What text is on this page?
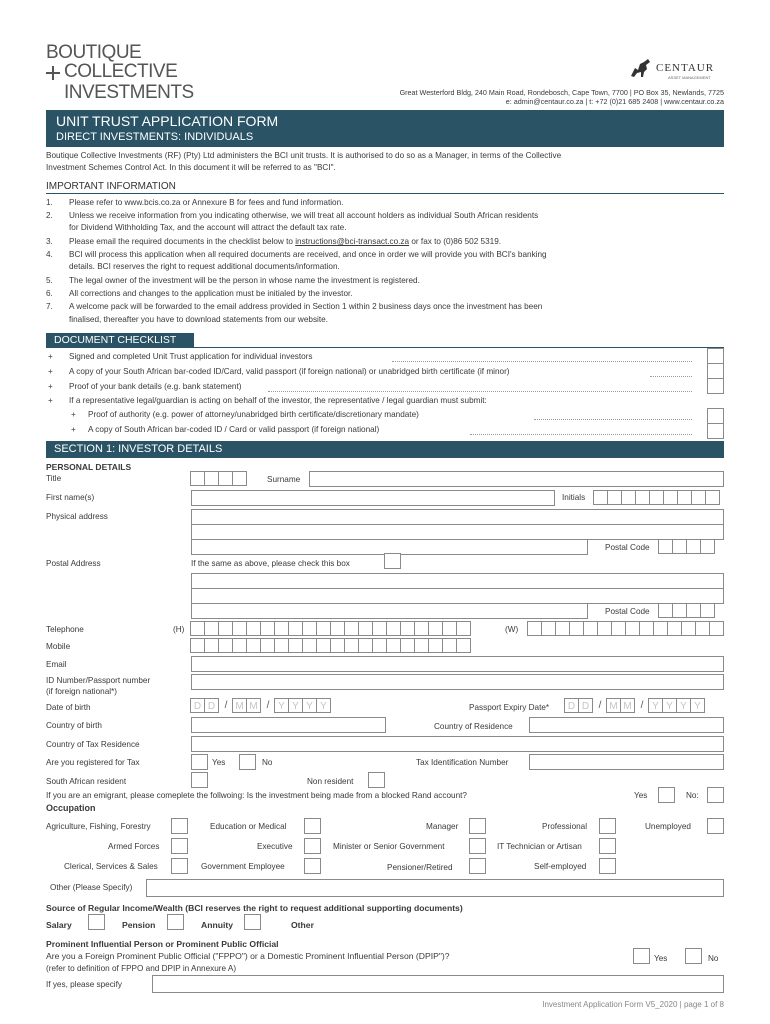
BOUTIQUE
COLLECTIVE
INVESTMENTS
CENTAUR
ASSET MANAGEMENT
Great Westerford Bldg, 240 Main Road, Rondebosch, Cape Town, 7700 | PO Box 35, Newlands, 7725
e: admin@centaur.co.za | t: +72 (0)21 685 2408 | www.centaur.co.za
UNIT TRUST APPLICATION FORM
DIRECT INVESTMENTS: INDIVIDUALS
Boutique Collective Investments (RF) (Pty) Ltd administers the BCI unit trusts. It is authorised to do so as a Manager, in terms of the Collective
Investment Schemes Control Act. In this document it will be referred to as "BCI".
IMPORTANT INFORMATION
1. Please refer to www.bcis.co.za or Annexure B for fees and fund information.
2. Unless we receive information from you indicating otherwise, we will treat all account holders as individual South African residents
for Dividend Withholding Tax, and the account will attract the default tax rate.
3. Please email the required documents in the checklist below to instructions@bci-transact.co.za or fax to (0)86 502 5319.
4. BCI will process this application when all required documents are received, and once in order we will provide you with BCI's banking
details. BCI reserves the right to request additional documents/information.
5. The legal owner of the investment will be the person in whose name the investment is registered.
6. All corrections and changes to the application must be initialed by the investor.
7. A welcome pack will be forwarded to the email address provided in Section 1 within 2 business days once the investment has been
finalised, thereafter you have to download statements from our website.
DOCUMENT CHECKLIST
+ Signed and completed Unit Trust application for individual investors
+ A copy of your South African bar-coded ID/Card, valid passport (if foreign national) or unabridged birth certificate (if minor)
+ Proof of your bank details (e.g. bank statement)
+ If a representative legal/guardian is acting on behalf of the investor, the representative / legal guardian must submit:
+ Proof of authority (e.g. power of attorney/unabridged birth certificate/discretionary mandate)
+ A copy of South African bar-coded ID / Card or valid passport (if foreign national)
SECTION 1: INVESTOR DETAILS
PERSONAL DETAILS
Title	Surname
First name(s)	Initials
Physical address
Postal Code
Postal Address	If the same as above, please check this box
Postal Code
Telephone	(H)	(W)
Mobile
Email
ID Number/Passport number
(if foreign national*)
Date of birth	D D / M M / Y Y Y Y	Passport Expiry Date*	D D / M M / Y Y Y Y
Country of birth	Country of Residence
Country of Tax Residence
Are you registered for Tax	Yes	No	Tax Identification Number
South African resident	Non resident
If you are an emigrant, please comeplete the follwoing: Is the investment being made from a blocked Rand account?	Yes	No:
Occupation
Agriculture, Fishing, Forestry	Education or Medical	Manager	Professional	Unemployed
Armed Forces	Executive	Minister or Senior Government	IT Technician or Artisan
Clerical, Services & Sales	Government Employee	Pensioner/Retired	Self-employed
Other (Please Specify)
Source of Regular Income/Wealth (BCI reserves the right to request additional supporting documents)
Salary	Pension	Annuity	Other
Prominent Influential Person or Prominent Public Official
Are you a Foreign Prominent Public Official ("FPPO") or a Domestic Prominent Influential Person (DPIP")?
(refer to definition of FPPO and DPIP in Annexure A)
Yes	No
If yes, please specify
Investment Application Form V5_2020 | page 1 of 8
